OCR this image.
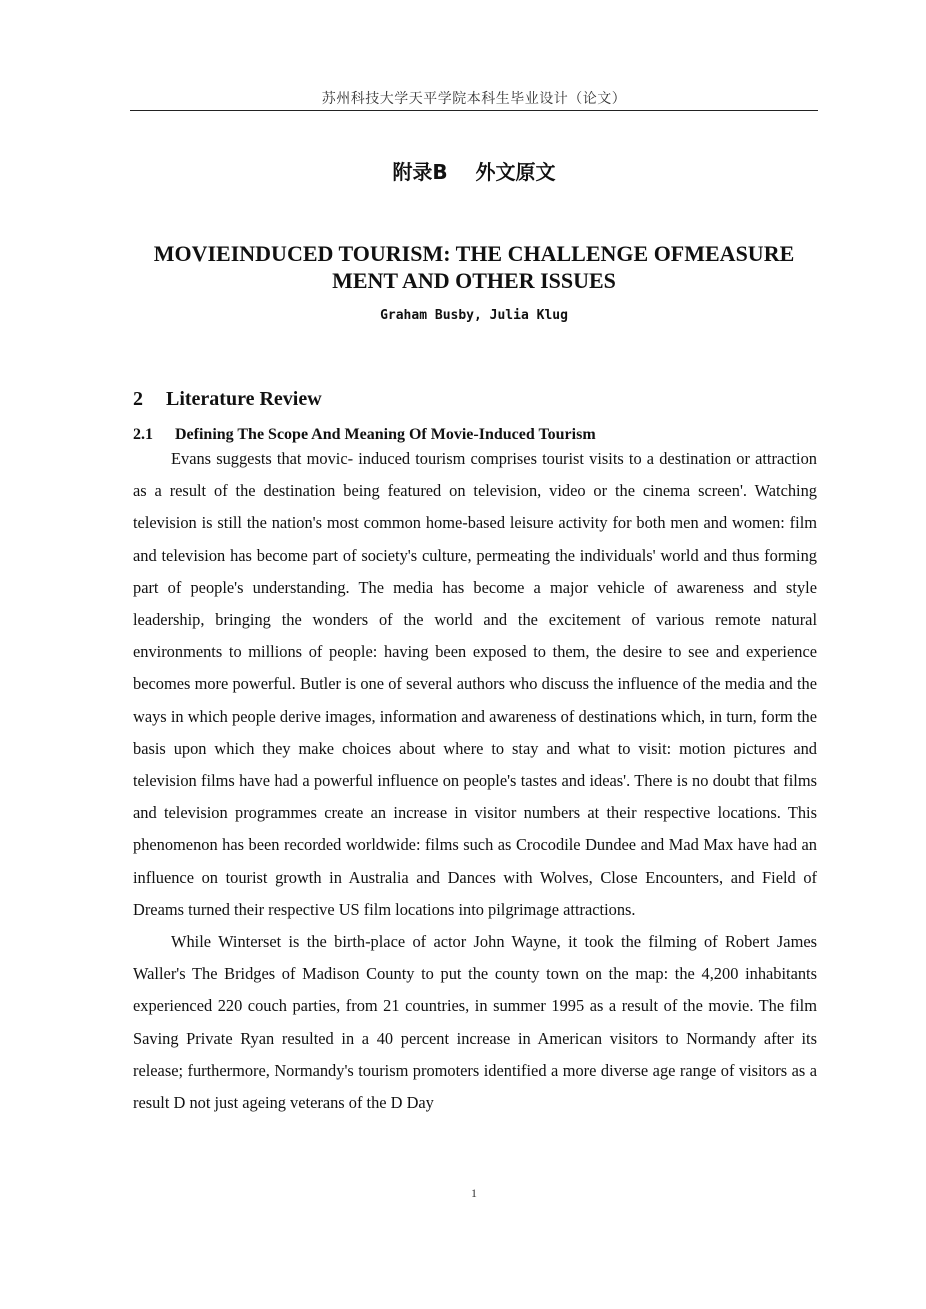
苏州科技大学天平学院本科生毕业设计（论文）
附录B    外文原文
MOVIEINDUCED TOURISM: THE CHALLENGE OFMEASURE
MENT AND OTHER ISSUES
Graham Busby, Julia Klug
2 Literature Review
2.1 Defining The Scope And Meaning Of Movie-Induced Tourism

Evans suggests that movic- induced tourism comprises tourist visits to a destination or attraction as a result of the destination being featured on television, video or the cinema screen'. Watching television is still the nation's most common home-based leisure activity for both men and women: film and television has become part of society's culture, permeating the individuals' world and thus forming part of people's understanding. The media has become a major vehicle of awareness and style leadership, bringing the wonders of the world and the excitement of various remote natural environments to millions of people: having been exposed to them, the desire to see and experience becomes more powerful. Butler is one of several authors who discuss the influence of the media and the ways in which people derive images, information and awareness of destinations which, in turn, form the basis upon which they make choices about where to stay and what to visit: motion pictures and television films have had a powerful influence on people's tastes and ideas'. There is no doubt that films and television programmes create an increase in visitor numbers at their respective locations. This phenomenon has been recorded worldwide: films such as Crocodile Dundee and Mad Max have had an influence on tourist growth in Australia and Dances with Wolves, Close Encounters, and Field of Dreams turned their respective US film locations into pilgrimage attractions.

While Winterset is the birth-place of actor John Wayne, it took the filming of Robert James Waller's The Bridges of Madison County to put the county town on the map: the 4,200 inhabitants experienced 220 couch parties, from 21 countries, in summer 1995 as a result of the movie. The film Saving Private Ryan resulted in a 40 percent increase in American visitors to Normandy after its release; furthermore, Normandy's tourism promoters identified a more diverse age range of visitors as a result D not just ageing veterans of the D Day

1
